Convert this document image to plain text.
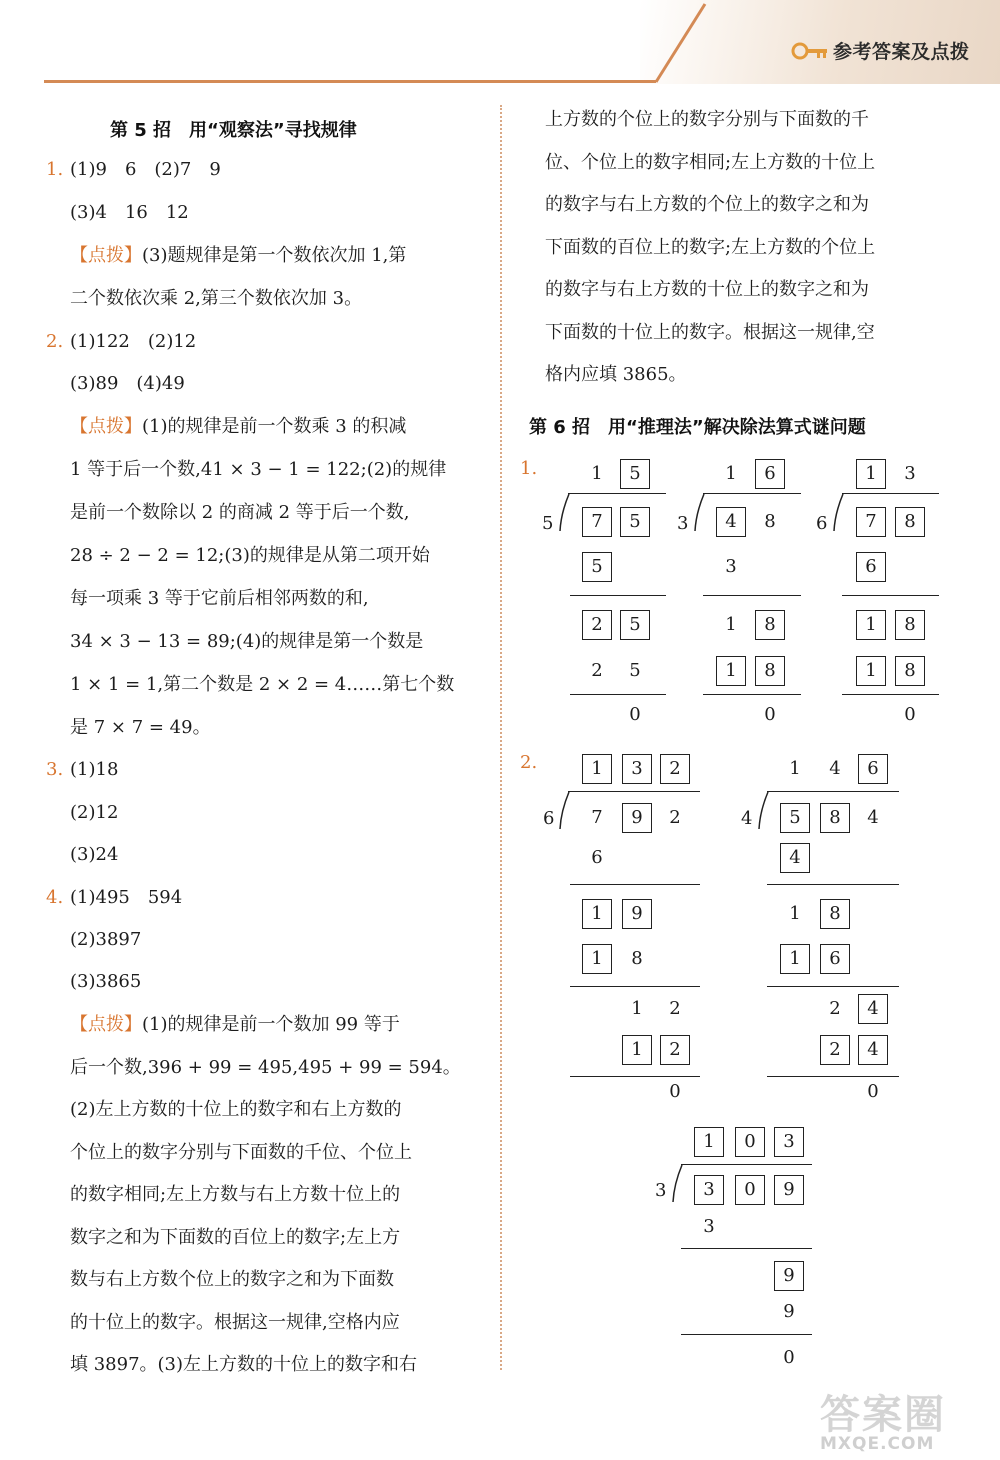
参考答案及点拨
第 5 招　用“观察法”寻找规律
1. (1)9　6　(2)7　9
(3)4　16　12
【点拨】(3)题规律是第一个数依次加 1,第
二个数依次乘 2,第三个数依次加 3。
2. (1)122　(2)12
(3)89　(4)49
【点拨】(1)的规律是前一个数乘 3 的积减
1 等于后一个数,41 × 3 − 1 = 122;(2)的规律
是前一个数除以 2 的商减 2 等于后一个数,
28 ÷ 2 − 2 = 12;(3)的规律是从第二项开始
每一项乘 3 等于它前后相邻两数的和,
34 × 3 − 13 = 89;(4)的规律是第一个数是
1 × 1 = 1,第二个数是 2 × 2 = 4……第七个数
是 7 × 7 = 49。
3. (1)18
(2)12
(3)24
4. (1)495　594
(2)3897
(3)3865
【点拨】(1)的规律是前一个数加 99 等于
后一个数,396 + 99 = 495,495 + 99 = 594。
(2)左上方数的十位上的数字和右上方数的
个位上的数字分别与下面数的千位、个位上
的数字相同;左上方数与右上方数十位上的
数字之和为下面数的百位上的数字;左上方
数与右上方数个位上的数字之和为下面数
的十位上的数字。根据这一规律,空格内应
填 3897。(3)左上方数的十位上的数字和右
上方数的个位上的数字分别与下面数的千
位、个位上的数字相同;左上方数的十位上
的数字与右上方数的个位上的数字之和为
下面数的百位上的数字;左上方数的个位上
的数字与右上方数的十位上的数字之和为
下面数的十位上的数字。根据这一规律,空
格内应填 3865。
第 6 招　用“推理法”解决除法算式谜问题
1.
2.
1	5
5	7	5
5
2	5
2	5
0
1	6
3	4	8
3
1	8
1	8
0
1	3
6	7	8
6
1	8
1	8
0
1	3	2
6	7	9	2
6
1	9
1	8
1	2
1	2
0
1	4	6
4	5	8	4
4
1	8
1	6
2	4
2	4
0
1	0	3
3	3	0	9
3
9
9
0
答案圈
MXQE.COM
